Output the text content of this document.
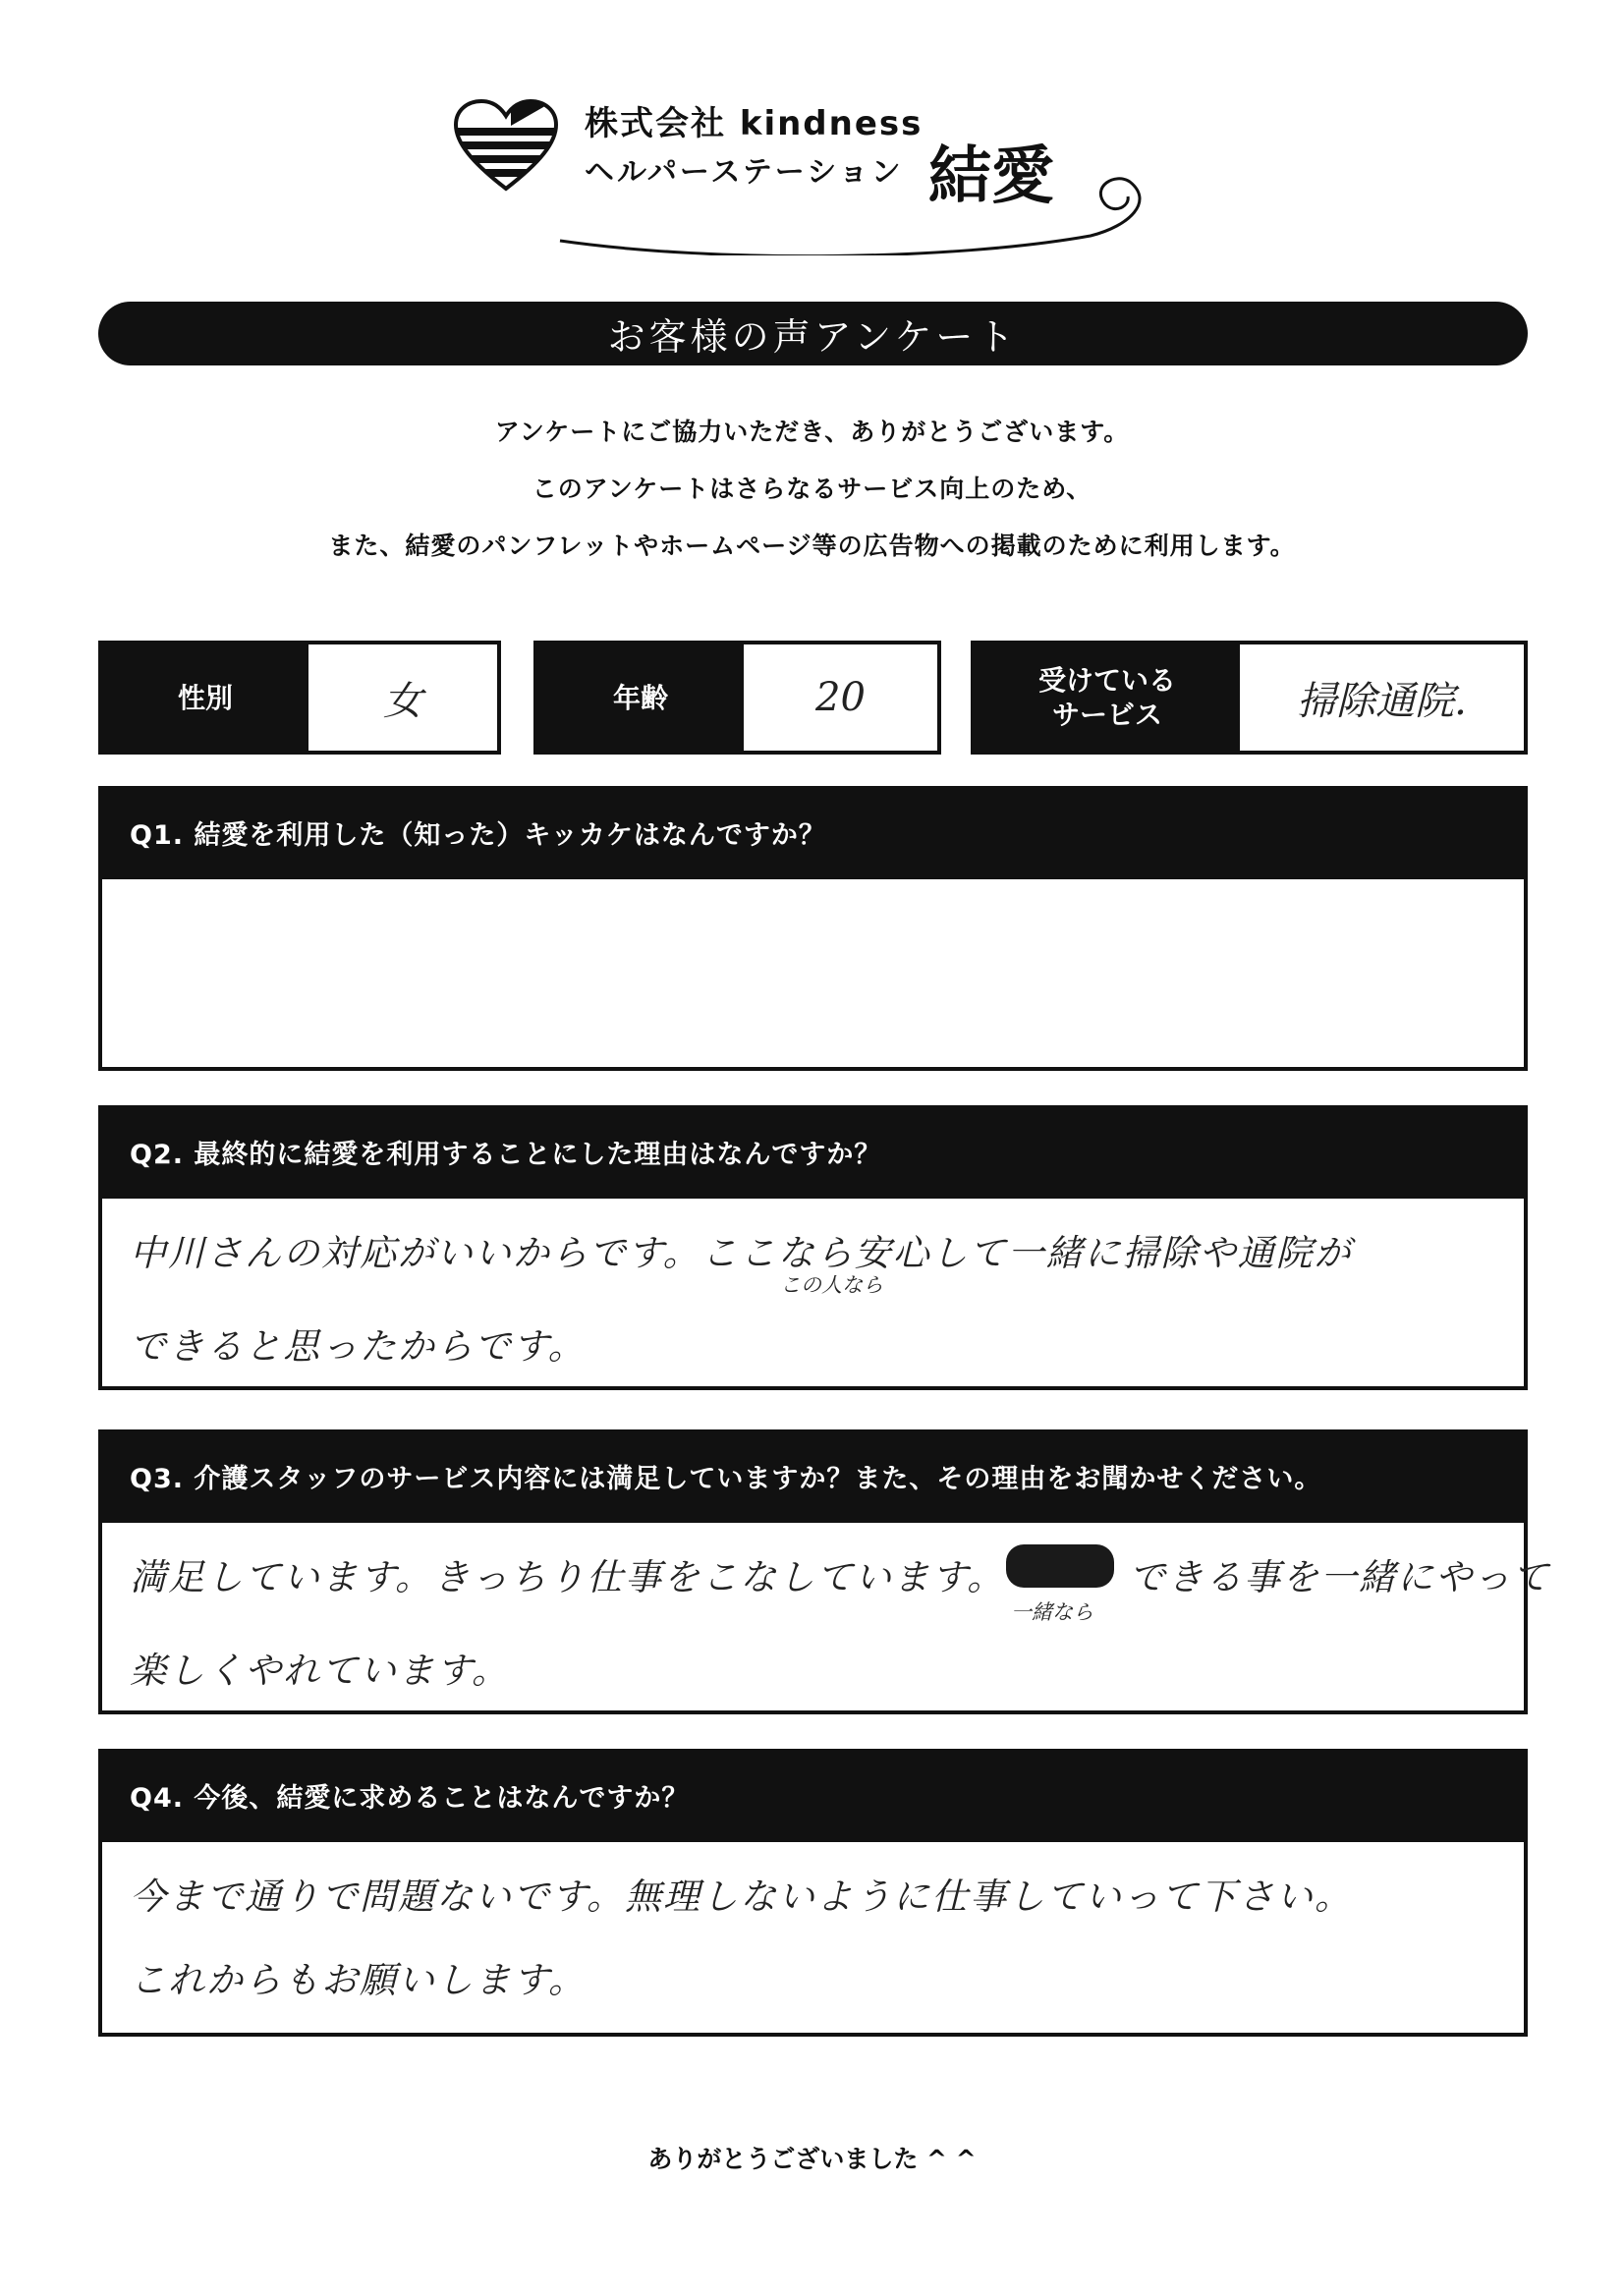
株式会社 kindness
ヘルパーステーション 結愛
お客様の声アンケート
アンケートにご協力いただき、ありがとうございます。
このアンケートはさらなるサービス向上のため、
また、結愛のパンフレットやホームページ等の広告物への掲載のために利用します。
性別	女	年齢	20	受けている
サービス	掃除通院.
Q1. 結愛を利用した（知った）キッカケはなんですか？
Q2. 最終的に結愛を利用することにした理由はなんですか？
中川さんの対応がいいからです。ここなら安心して一緒に掃除や通院が
この人なら
できると思ったからです。
Q3. 介護スタッフのサービス内容には満足していますか？また、その理由をお聞かせください。
満足しています。きっちり仕事をこなしています。
一緒なら
できる事を一緒にやって
楽しくやれています。
Q4. 今後、結愛に求めることはなんですか？
今まで通りで問題ないです。無理しないように仕事していって下さい。
これからもお願いします。
ありがとうございました ^ ^
